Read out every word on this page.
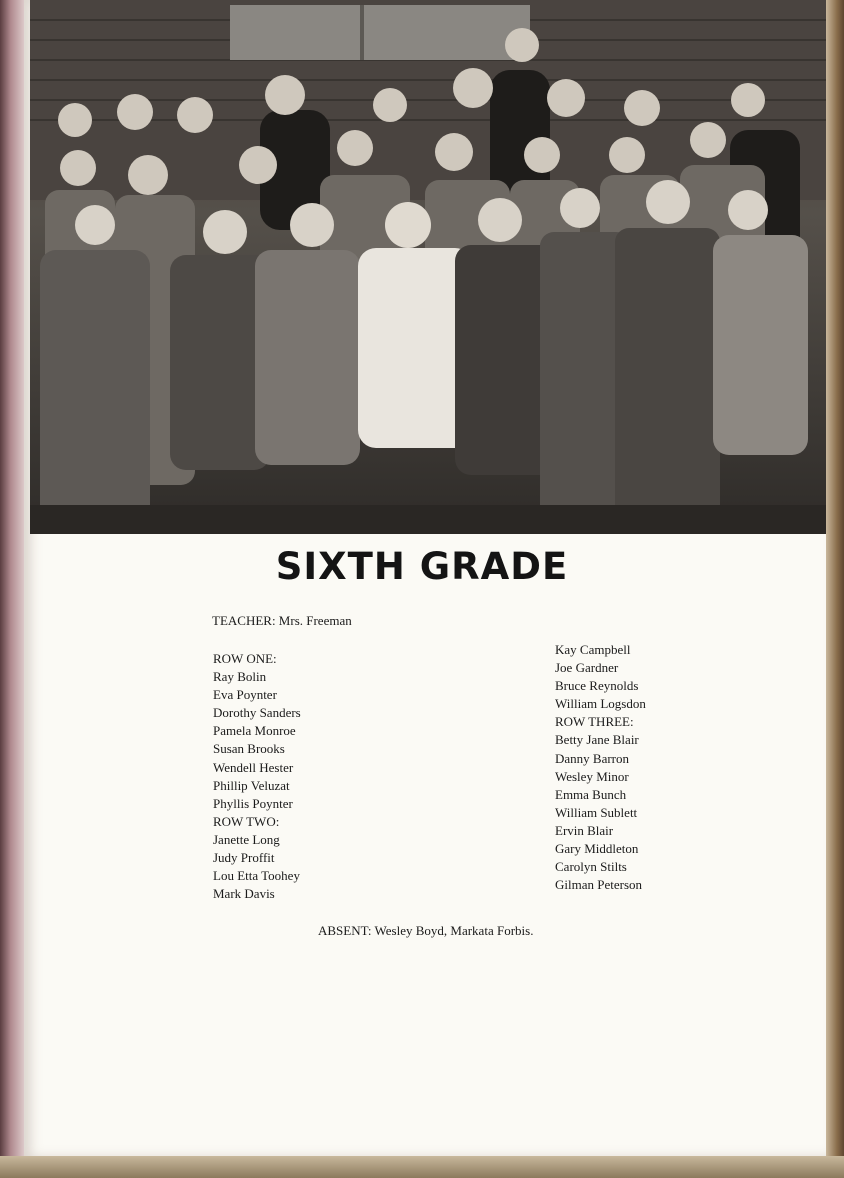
SIXTH GRADE
TEACHER: Mrs. Freeman
ROW ONE:
Ray Bolin
Eva Poynter
Dorothy Sanders
Pamela Monroe
Susan Brooks
Wendell Hester
Phillip Veluzat
Phyllis Poynter
ROW TWO:
Janette Long
Judy Proffit
Lou Etta Toohey
Mark Davis
Kay Campbell
Joe Gardner
Bruce Reynolds
William Logsdon
ROW THREE:
Betty Jane Blair
Danny Barron
Wesley Minor
Emma Bunch
William Sublett
Ervin Blair
Gary Middleton
Carolyn Stilts
Gilman Peterson
ABSENT: Wesley Boyd, Markata Forbis.
